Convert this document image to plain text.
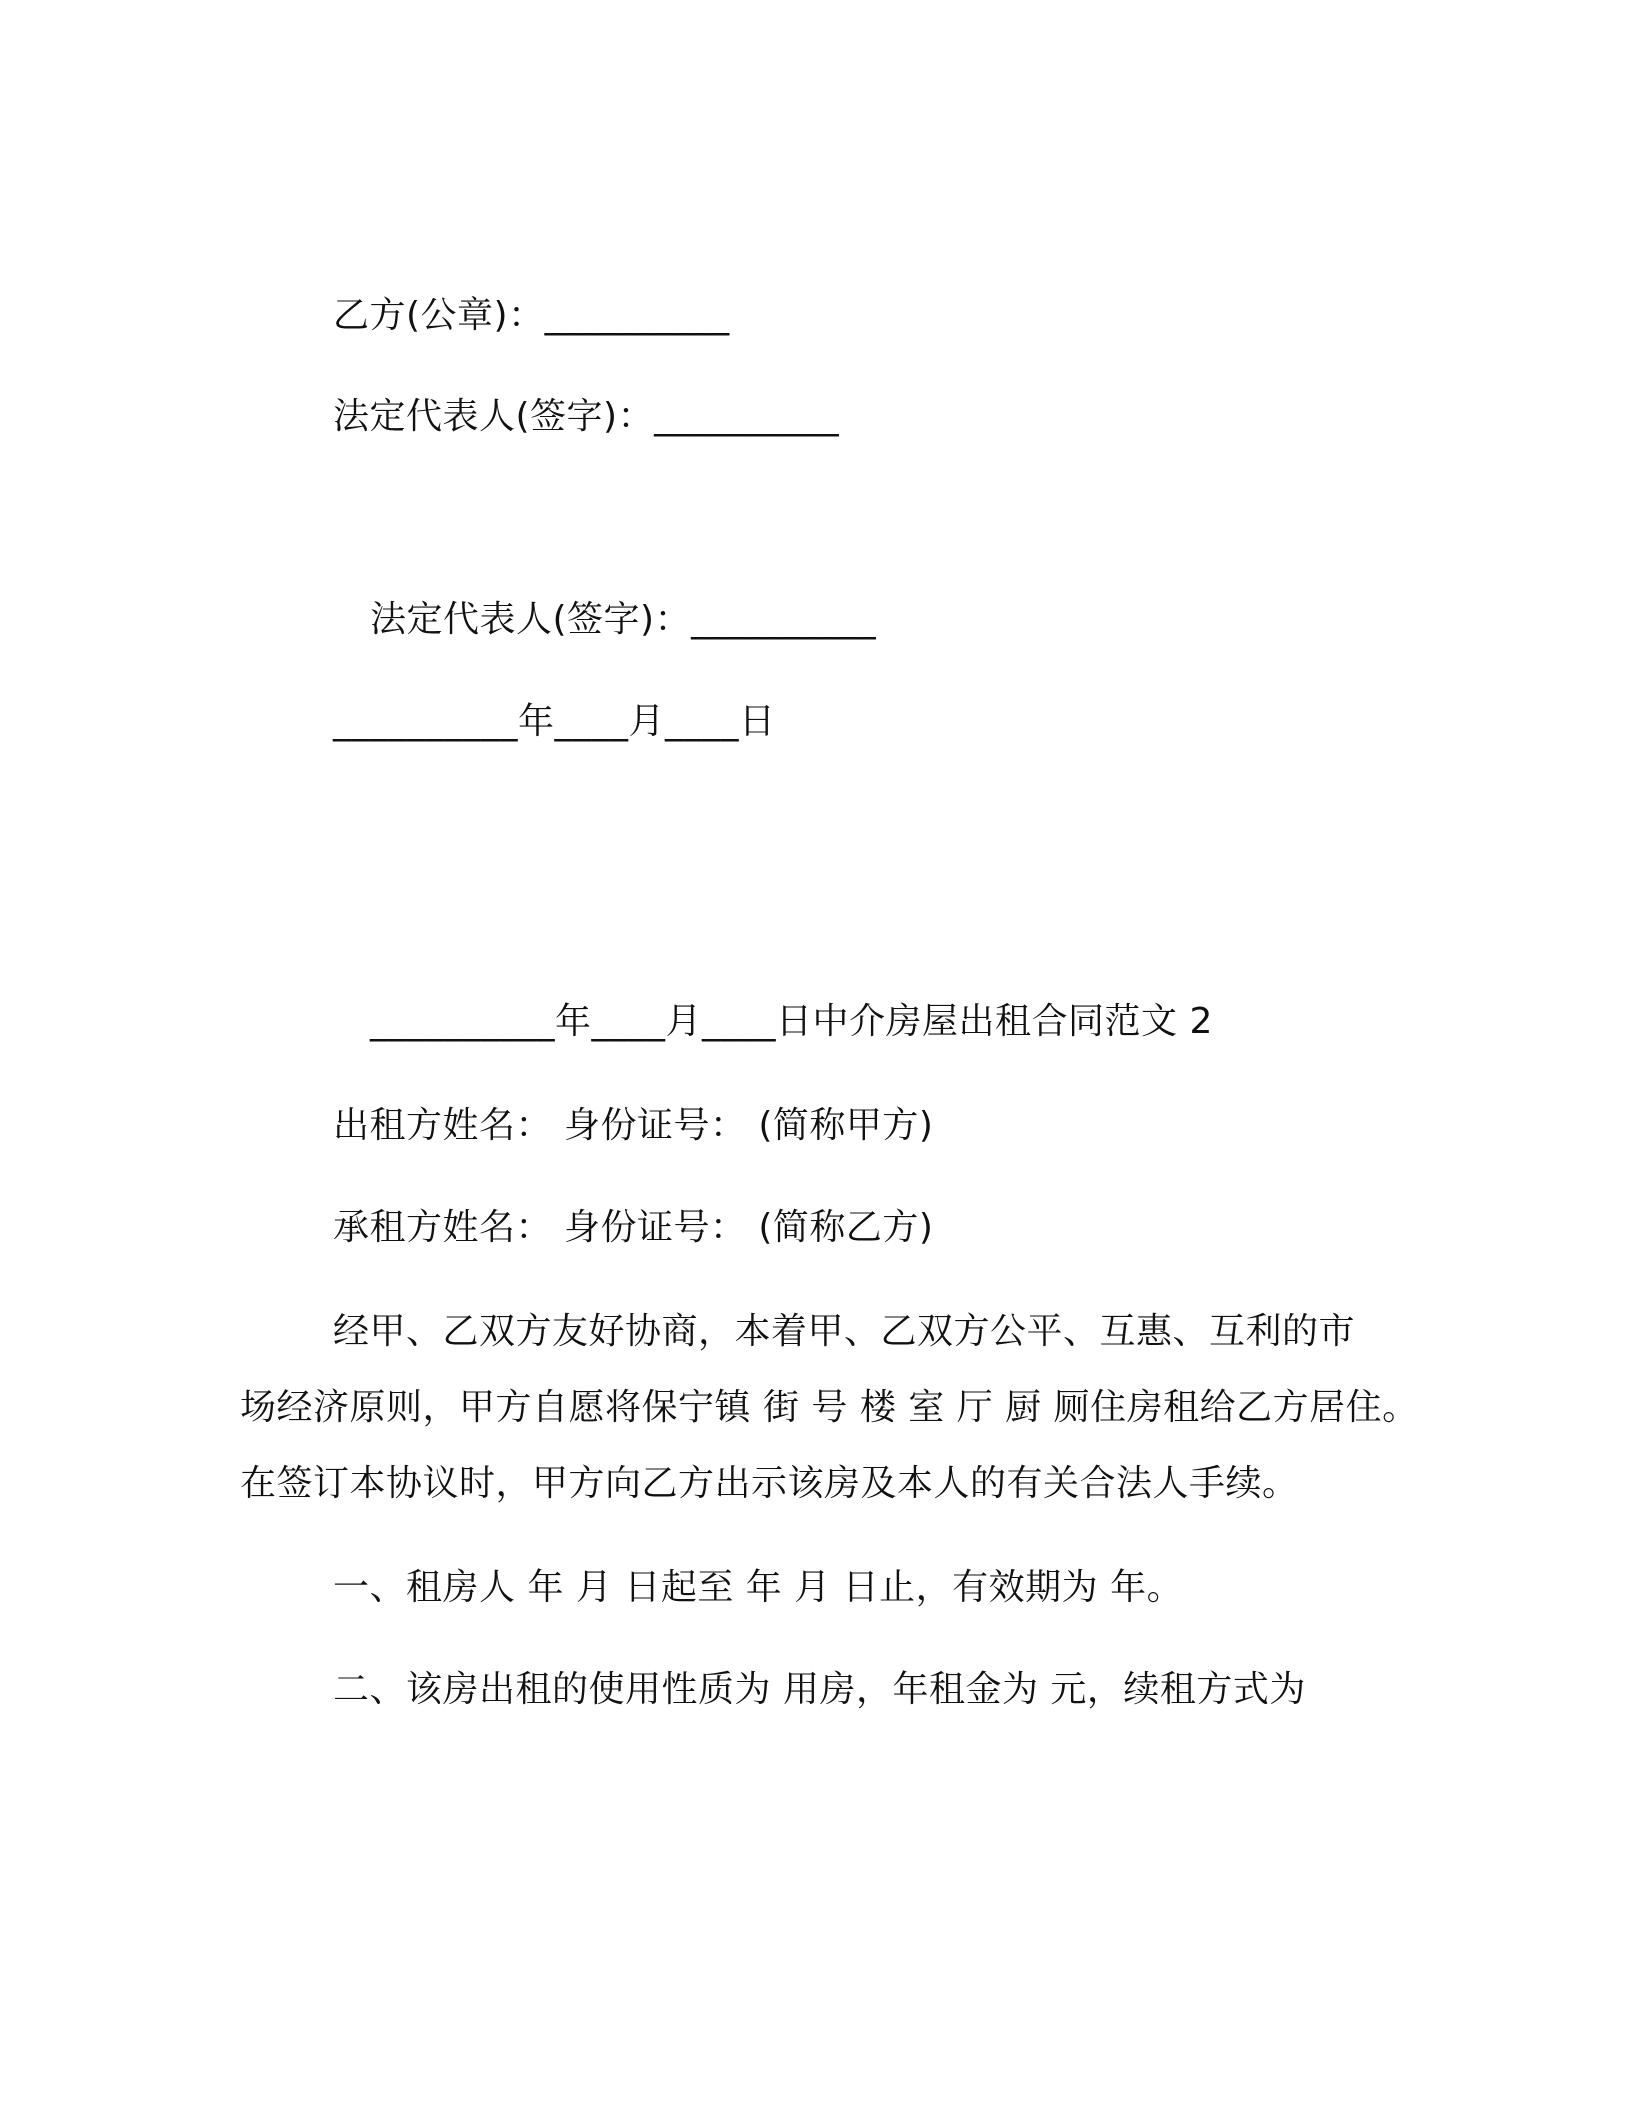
乙方(公章)：__________
法定代表人(签字)：__________
法定代表人(签字)：__________
__________年____月____日
__________年____月____日中介房屋出租合同范文 2
出租方姓名： 身份证号： (简称甲方)
承租方姓名： 身份证号： (简称乙方)
经甲、乙双方友好协商，本着甲、乙双方公平、互惠、互利的市
场经济原则，甲方自愿将保宁镇 街 号 楼 室 厅 厨 厕住房租给乙方居住。
在签订本协议时，甲方向乙方出示该房及本人的有关合法人手续。
一、租房人 年 月 日起至 年 月 日止，有效期为 年。
二、该房出租的使用性质为 用房，年租金为 元，续租方式为
